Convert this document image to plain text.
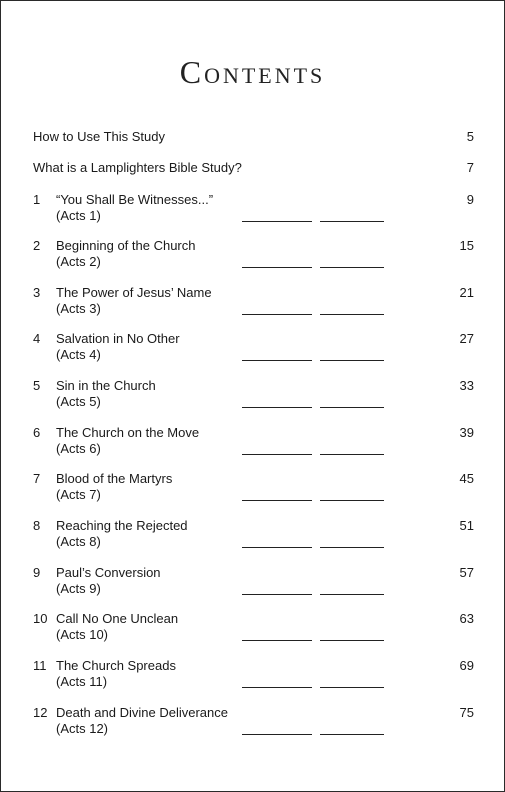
Contents
How to Use This Study	5
What is a Lamplighters Bible Study?	7
1 “You Shall Be Witnesses...”
(Acts 1)
9
2 Beginning of the Church
(Acts 2)
15
3 The Power of Jesus’ Name
(Acts 3)
21
4 Salvation in No Other
(Acts 4)
27
5 Sin in the Church
(Acts 5)
33
6 The Church on the Move
(Acts 6)
39
7 Blood of the Martyrs
(Acts 7)
45
8 Reaching the Rejected
(Acts 8)
51
9 Paul’s Conversion
(Acts 9)
57
10 Call No One Unclean
(Acts 10)
63
11 The Church Spreads
(Acts 11)
69
12 Death and Divine Deliverance
(Acts 12)
75
